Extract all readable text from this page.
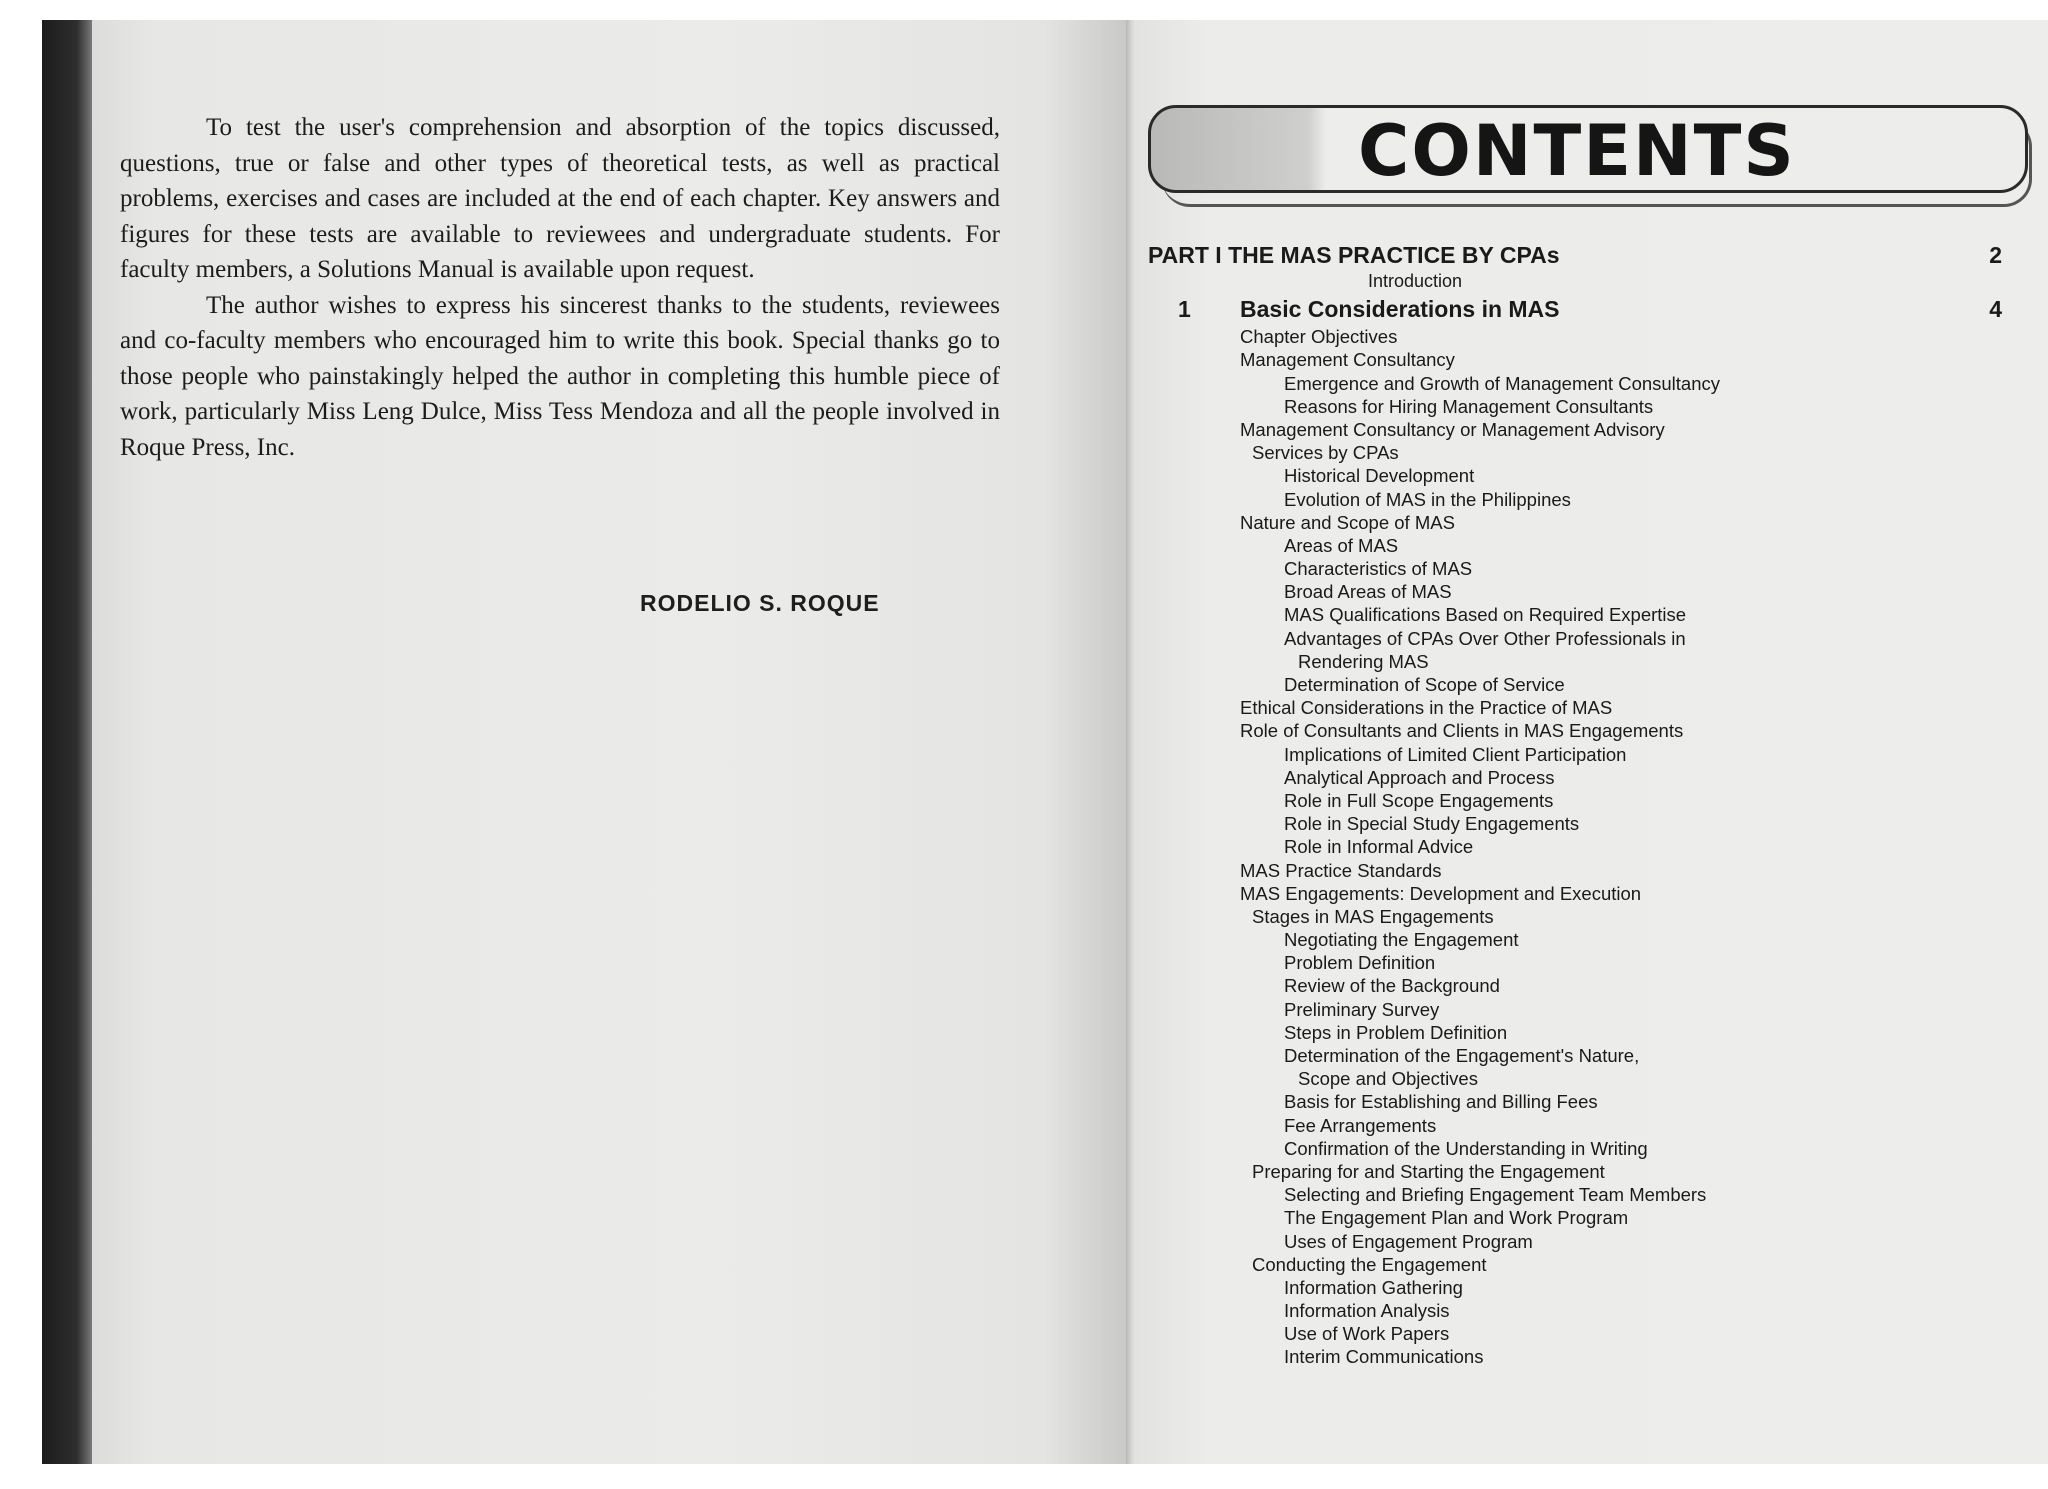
To test the user's comprehension and absorption of the topics discussed, questions, true or false and other types of theoretical tests, as well as practical problems, exercises and cases are included at the end of each chapter. Key answers and figures for these tests are available to reviewees and undergraduate students. For faculty members, a Solutions Manual is available upon request.

The author wishes to express his sincerest thanks to the students, reviewees and co-faculty members who encouraged him to write this book. Special thanks go to those people who painstakingly helped the author in completing this humble piece of work, particularly Miss Leng Dulce, Miss Tess Mendoza and all the people involved in Roque Press, Inc.

RODELIO S. ROQUE
CONTENTS
PART I THE MAS PRACTICE BY CPAs	2
Introduction
1 Basic Considerations in MAS	4
Chapter Objectives
Management Consultancy
Emergence and Growth of Management Consultancy
Reasons for Hiring Management Consultants
Management Consultancy or Management Advisory
Services by CPAs
Historical Development
Evolution of MAS in the Philippines
Nature and Scope of MAS
Areas of MAS
Characteristics of MAS
Broad Areas of MAS
MAS Qualifications Based on Required Expertise
Advantages of CPAs Over Other Professionals in
Rendering MAS
Determination of Scope of Service
Ethical Considerations in the Practice of MAS
Role of Consultants and Clients in MAS Engagements
Implications of Limited Client Participation
Analytical Approach and Process
Role in Full Scope Engagements
Role in Special Study Engagements
Role in Informal Advice
MAS Practice Standards
MAS Engagements: Development and Execution
Stages in MAS Engagements
Negotiating the Engagement
Problem Definition
Review of the Background
Preliminary Survey
Steps in Problem Definition
Determination of the Engagement's Nature,
Scope and Objectives
Basis for Establishing and Billing Fees
Fee Arrangements
Confirmation of the Understanding in Writing
Preparing for and Starting the Engagement
Selecting and Briefing Engagement Team Members
The Engagement Plan and Work Program
Uses of Engagement Program
Conducting the Engagement
Information Gathering
Information Analysis
Use of Work Papers
Interim Communications
